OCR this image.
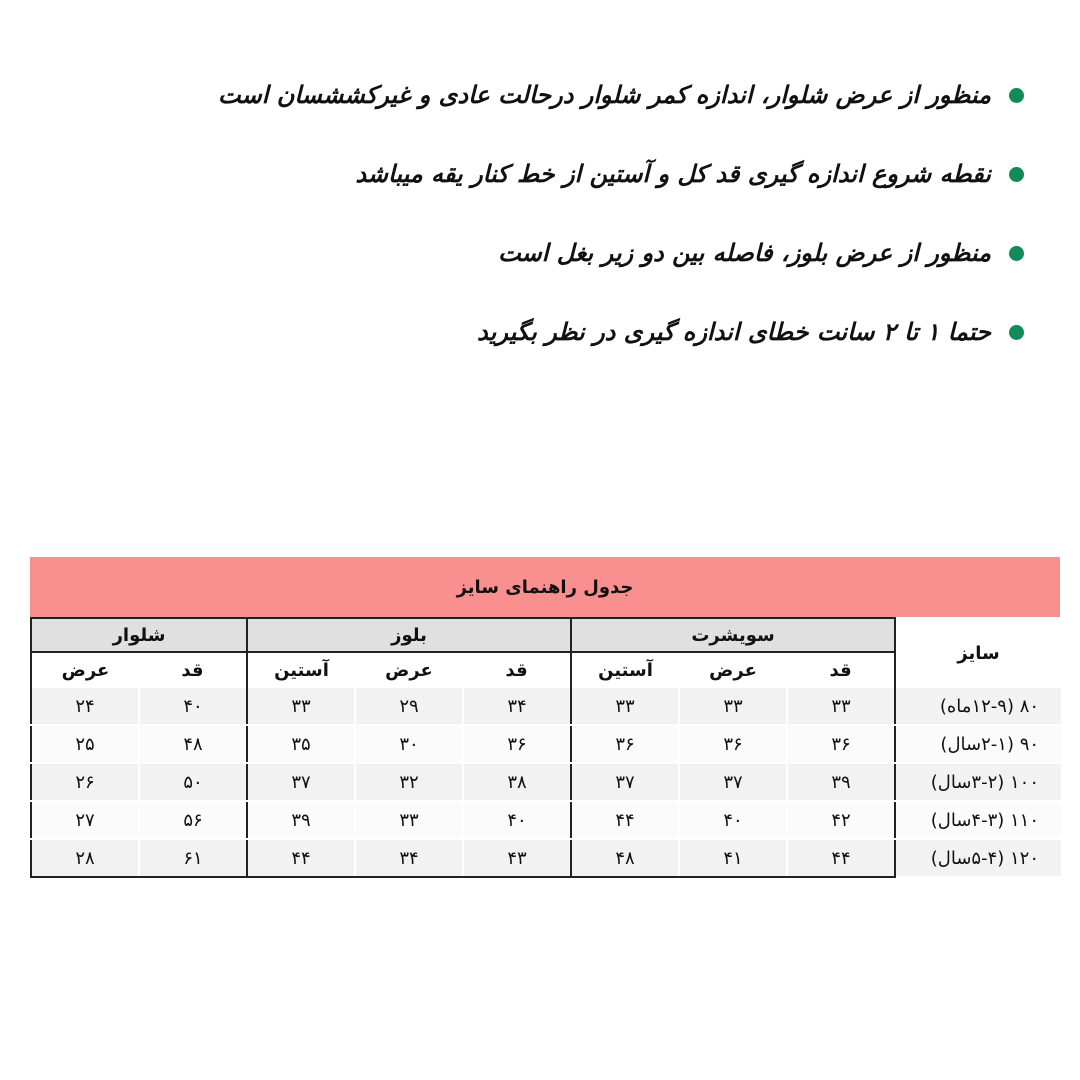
منظور از عرض شلوار، اندازه کمر شلوار درحالت عادی و غیرکششسان است
نقطه شروع اندازه گیری قد کل و آستین از خط کنار یقه میباشد
منظور از عرض بلوز، فاصله بین دو زیر بغل است
حتما ۱ تا ۲ سانت خطای اندازه گیری در نظر بگیرید
جدول راهنمای سایز
شلوار		بلوز			سویشرت			سایز
عرض	قد	آستین	عرض	قد	آستین	عرض	قد	
۲۴	۴۰	۳۳	۲۹	۳۴	۳۳	۳۳	۳۳	۸۰ (۱۲-۹ماه)
۲۵	۴۸	۳۵	۳۰	۳۶	۳۶	۳۶	۳۶	۹۰ (۲-۱سال)
۲۶	۵۰	۳۷	۳۲	۳۸	۳۷	۳۷	۳۹	۱۰۰ (۳-۲سال)
۲۷	۵۶	۳۹	۳۳	۴۰	۴۴	۴۰	۴۲	۱۱۰ (۴-۳سال)
۲۸	۶۱	۴۴	۳۴	۴۳	۴۸	۴۱	۴۴	۱۲۰ (۵-۴سال)
